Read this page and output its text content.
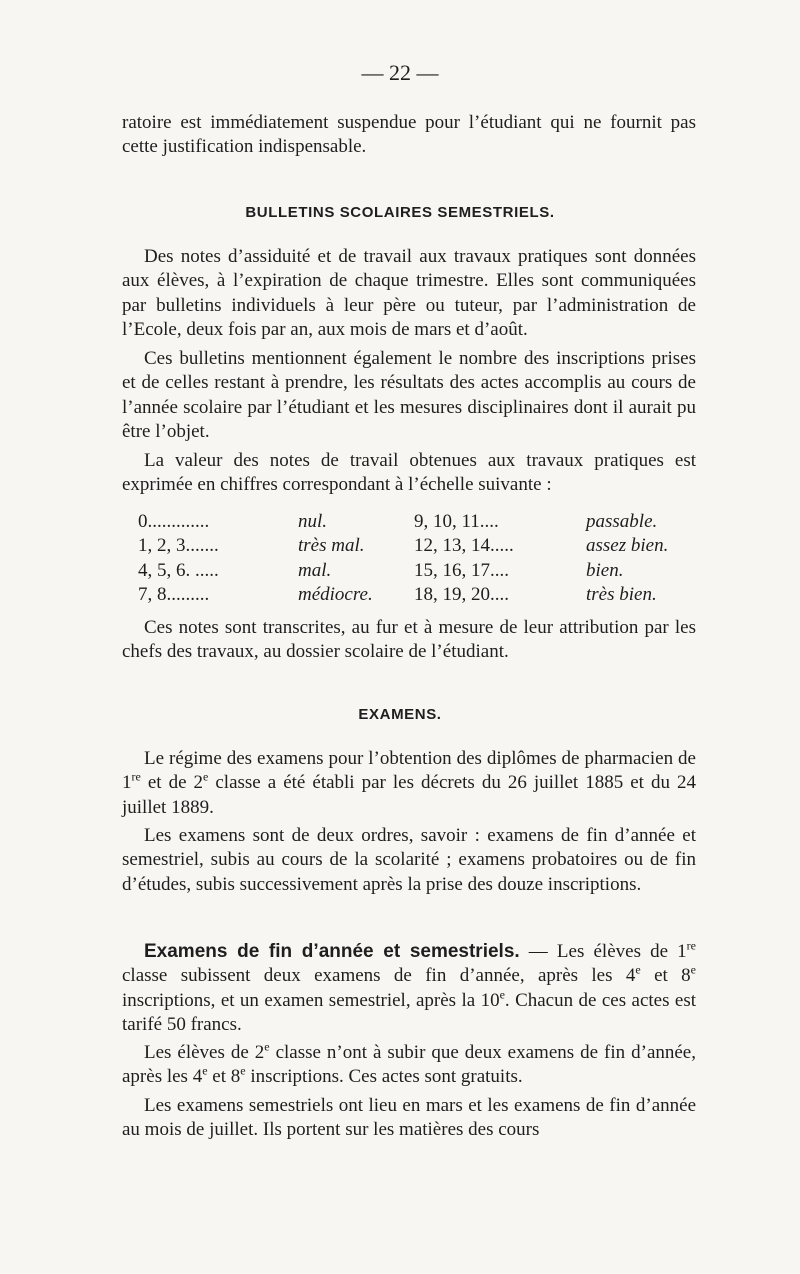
— 22 —
ratoire est immédiatement suspendue pour l’étudiant qui ne fournit pas cette justification indispensable.
BULLETINS SCOLAIRES SEMESTRIELS.
Des notes d’assiduité et de travail aux travaux pratiques sont données aux élèves, à l’expiration de chaque trimestre. Elles sont communiquées par bulletins individuels à leur père ou tuteur, par l’administration de l’Ecole, deux fois par an, aux mois de mars et d’août.
Ces bulletins mentionnent également le nombre des inscriptions prises et de celles restant à prendre, les résultats des actes accomplis au cours de l’année scolaire par l’étudiant et les mesures disciplinaires dont il aurait pu être l’objet.
La valeur des notes de travail obtenues aux travaux pratiques est exprimée en chiffres correspondant à l’échelle suivante :
0.............	nul.	9, 10, 11....	passable.
1, 2, 3.......	très mal.	12, 13, 14.....	assez bien.
4, 5, 6. .....	mal.	15, 16, 17....	bien.
7, 8.........	médiocre. 18, 19, 20....	très bien.
Ces notes sont transcrites, au fur et à mesure de leur attribution par les chefs des travaux, au dossier scolaire de l’étudiant.
EXAMENS.
Le régime des examens pour l’obtention des diplômes de pharmacien de 1re et de 2e classe a été établi par les décrets du 26 juillet 1885 et du 24 juillet 1889.
Les examens sont de deux ordres, savoir : examens de fin d’année et semestriel, subis au cours de la scolarité ; examens probatoires ou de fin d’études, subis successivement après la prise des douze inscriptions.
Examens de fin d’année et semestriels. — Les élèves de 1re classe subissent deux examens de fin d’année, après les 4e et 8e inscriptions, et un examen semestriel, après la 10e. Chacun de ces actes est tarifé 50 francs.
Les élèves de 2e classe n’ont à subir que deux examens de fin d’année, après les 4e et 8e inscriptions. Ces actes sont gratuits.
Les examens semestriels ont lieu en mars et les examens de fin d’année au mois de juillet. Ils portent sur les matières des cours
